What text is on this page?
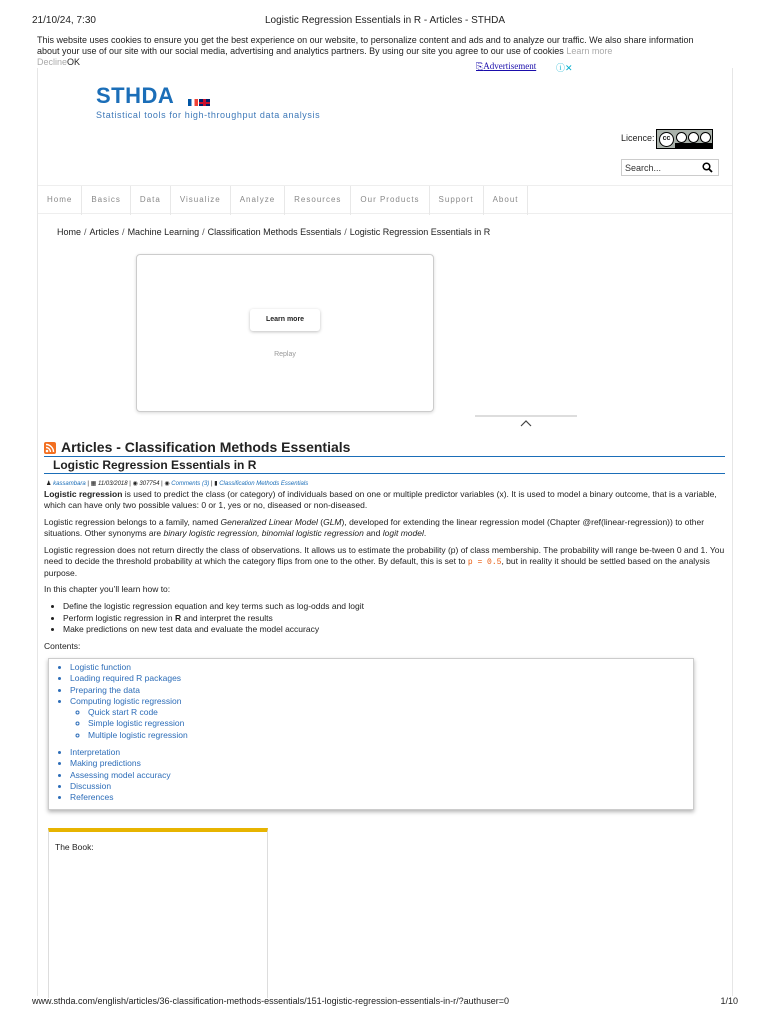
21/10/24, 7:30	Logistic Regression Essentials in R - Articles - STHDA
This website uses cookies to ensure you get the best experience on our website, to personalize content and ads and to analyze our traffic. We also share information about your use of our site with our social media, advertising and analytics partners. By using our site you agree to our use of cookies Learn more
DeclineOK	⎘Advertisement ⓘ✕
STHDA
Statistical tools for high-throughput data analysis
Licence:	cc
Search...
Home	Basics	Data	Visualize	Analyze	Resources	Our Products	Support	About
Home / Articles / Machine Learning / Classification Methods Essentials / Logistic Regression Essentials in R
Learn more
Replay
Articles - Classification Methods Essentials
Logistic Regression Essentials in R
♟ kassambara | ▦ 11/03/2018 | ◉ 307754 | ◉ Comments (3) | ▮ Classification Methods Essentials
Logistic regression is used to predict the class (or category) of individuals based on one or multiple predictor variables (x). It is used to model a binary outcome, that is a variable, which can have only two possible values: 0 or 1, yes or no, diseased or non-diseased.
Logistic regression belongs to a family, named Generalized Linear Model (GLM), developed for extending the linear regression model (Chapter @ref(linear-regression)) to other situations. Other synonyms are binary logistic regression, binomial logistic regression and logit model.
Logistic regression does not return directly the class of observations. It allows us to estimate the probability (p) of class membership. The probability will range be-tween 0 and 1. You need to decide the threshold probability at which the category flips from one to the other. By default, this is set to p = 0.5, but in reality it should be settled based on the analysis purpose.
In this chapter you’ll learn how to:
• Define the logistic regression equation and key terms such as log-odds and logit
• Perform logistic regression in R and interpret the results
• Make predictions on new test data and evaluate the model accuracy
Contents:
• Logistic function
• Loading required R packages
• Preparing the data
• Computing logistic regression
◦ Quick start R code
◦ Simple logistic regression
◦ Multiple logistic regression
• Interpretation
• Making predictions
• Assessing model accuracy
• Discussion
• References
The Book:
www.sthda.com/english/articles/36-classification-methods-essentials/151-logistic-regression-essentials-in-r/?authuser=0	1/10
